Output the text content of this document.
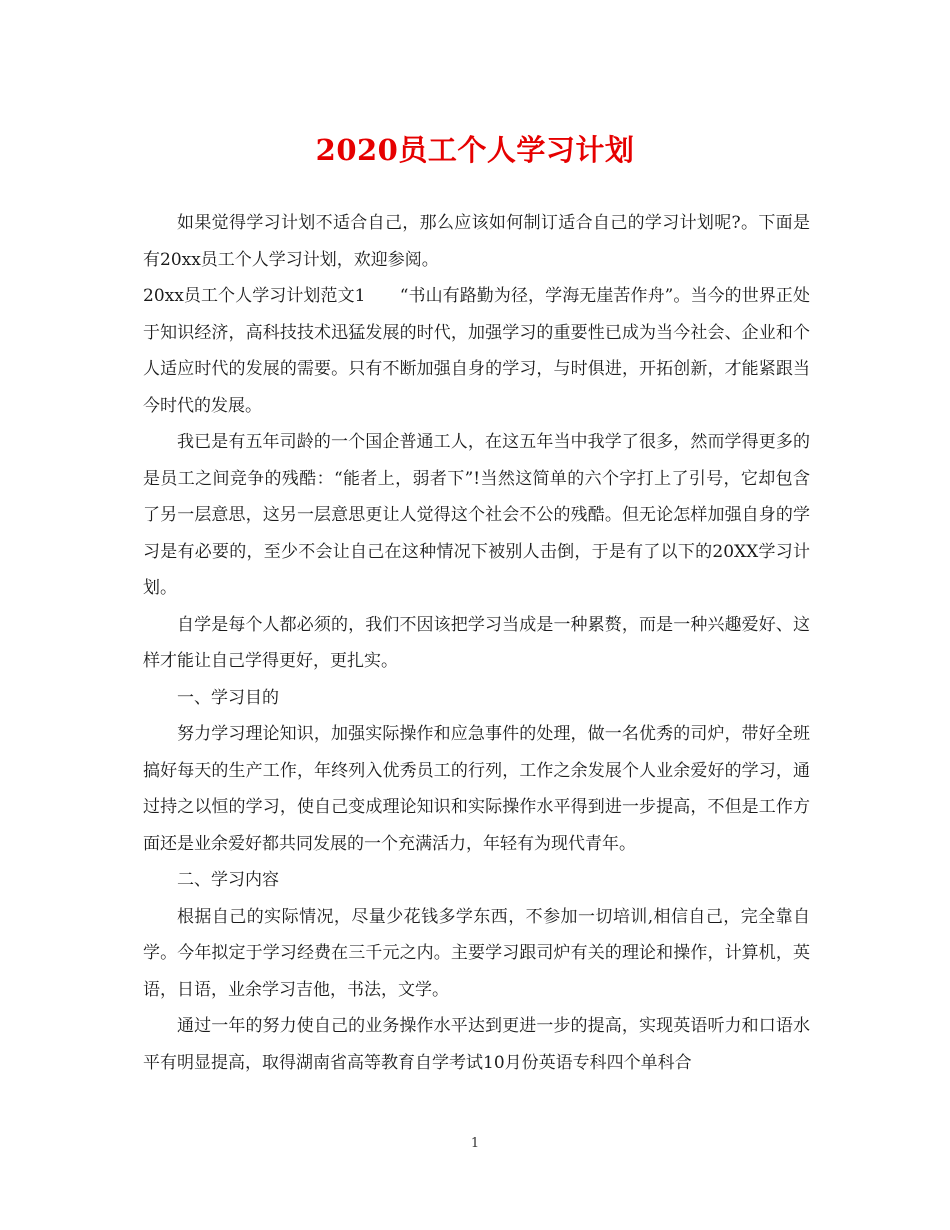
2020员工个人学习计划

如果觉得学习计划不适合自己，那么应该如何制订适合自己的学习计划呢?。下面是有20xx员工个人学习计划，欢迎参阅。

20xx员工个人学习计划范文1　　“书山有路勤为径，学海无崖苦作舟”。当今的世界正处于知识经济，高科技技术迅猛发展的时代，加强学习的重要性已成为当今社会、企业和个人适应时代的发展的需要。只有不断加强自身的学习，与时俱进，开拓创新，才能紧跟当今时代的发展。

我已是有五年司龄的一个国企普通工人，在这五年当中我学了很多，然而学得更多的是员工之间竞争的残酷：“能者上，弱者下”!当然这简单的六个字打上了引号，它却包含了另一层意思，这另一层意思更让人觉得这个社会不公的残酷。但无论怎样加强自身的学习是有必要的，至少不会让自己在这种情况下被别人击倒，于是有了以下的20XX学习计划。

自学是每个人都必须的，我们不因该把学习当成是一种累赘，而是一种兴趣爱好、这样才能让自己学得更好，更扎实。

一、学习目的

努力学习理论知识，加强实际操作和应急事件的处理，做一名优秀的司炉，带好全班搞好每天的生产工作，年终列入优秀员工的行列，工作之余发展个人业余爱好的学习，通过持之以恒的学习，使自己变成理论知识和实际操作水平得到进一步提高，不但是工作方面还是业余爱好都共同发展的一个充满活力，年轻有为现代青年。

二、学习内容

根据自己的实际情况，尽量少花钱多学东西，不参加一切培训,相信自己，完全靠自学。今年拟定于学习经费在三千元之内。主要学习跟司炉有关的理论和操作，计算机，英语，日语，业余学习吉他，书法，文学。

通过一年的努力使自己的业务操作水平达到更进一步的提高，实现英语听力和口语水平有明显提高，取得湖南省高等教育自学考试10月份英语专科四个单科合

1
